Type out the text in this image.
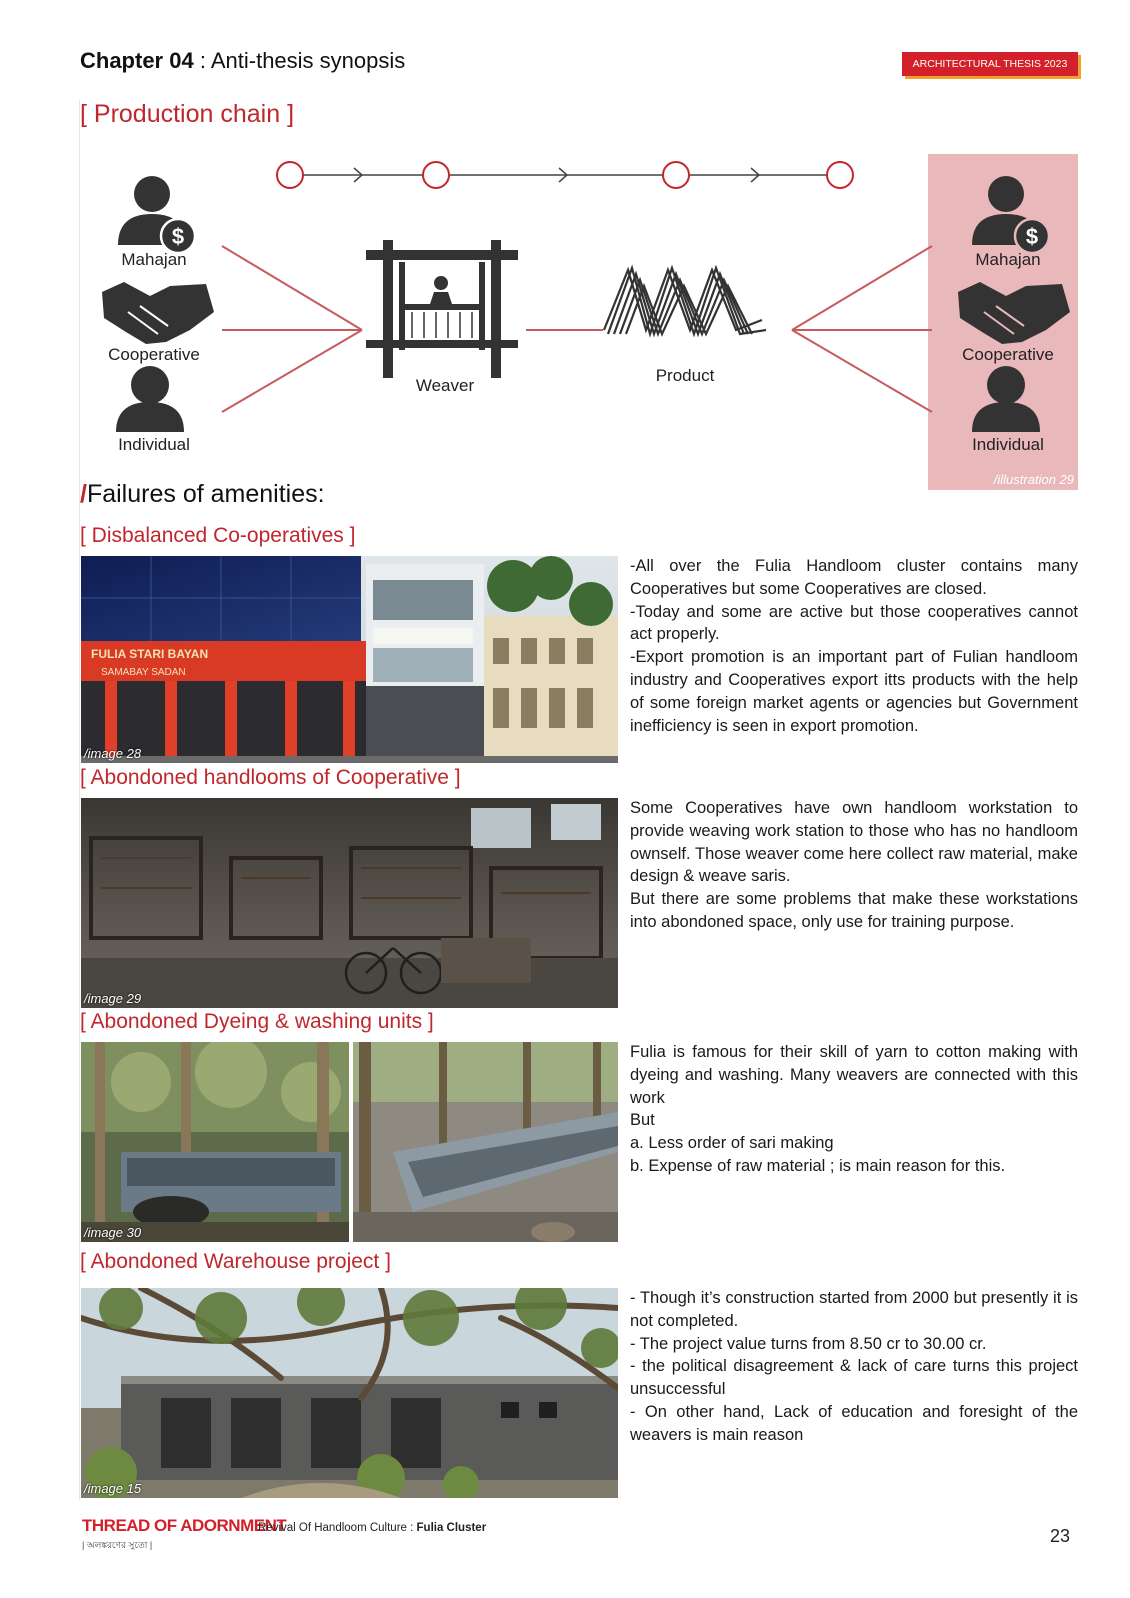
Chapter 04 : Anti-thesis synopsis	ARCHITECTURAL THESIS 2023
[ Production chain ]
$	$
Mahajan
Cooperative
Individual
Weaver
Product
Mahajan
Cooperative
Individual
/illustration 29
/Failures of amenities:
[ Disbalanced Co-operatives ]
FULIA STARI BAYAN
SAMABAY SADAN
/image 28

-All over the Fulia Handloom cluster contains many Cooperatives but some Cooperatives are closed.

-Today and some are active but those cooperatives cannot act properly.

-Export promotion is an important part of Fulian handloom industry and Cooperatives export itts products with the help of some foreign market agents or agencies but Government inefficiency is seen in export promotion.

[ Abondoned handlooms of Cooperative ]
/image 29

Some Cooperatives have own handloom workstation to provide weaving work station to those who has no handloom ownself. Those weaver come here collect raw material, make design & weave saris.

But there are some problems that make these workstations into abondoned space, only use for training purpose.

[ Abondoned Dyeing & washing units ]
/image 30

Fulia is famous for their skill of yarn to cotton making with dyeing and washing. Many weavers are connected with this work

But

a. Less order of sari making

b. Expense of raw material ; is main reason for this.

[ Abondoned Warehouse project ]
/image 15

- Though it’s construction started from 2000 but presently it is not completed.

- The project value turns from 8.50 cr to 30.00 cr.

- the political disagreement & lack of care turns this project unsuccessful

- On other hand, Lack of education and foresight of the weavers is main reason

THREAD OF ADORNMENT
| অলঙ্করণের সুতো |
Revival Of Handloom Culture : Fulia Cluster	23
